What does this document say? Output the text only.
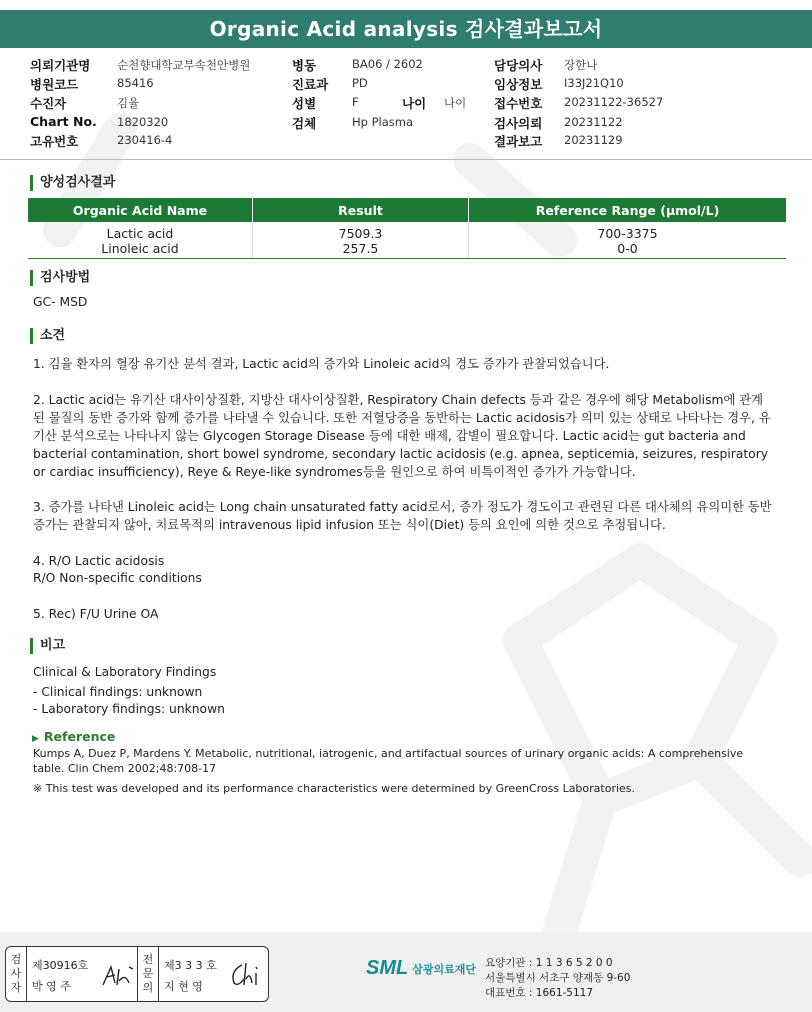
Organic Acid analysis 검사결과보고서
의뢰기관명 순천향대학교부속천안병원
병원코드	85416
수진자	김율
Chart No. 1820320
고유번호	230416-4
병동	BA06 / 2602
진료과 PD
성별	F	나이 나이
검체	Hp Plasma
담당의사 장한나
임상정보 I33J21Q10
접수번호 20231122-36527
검사의뢰 20231122
결과보고 20231129
양성검사결과
Organic Acid Name	Result	Reference Range (μmol/L)
Lactic acid	7509.3	700-3375
Linoleic acid	257.5	0-0
검사방법
GC- MSD
소견
1. 김율 환자의 혈장 유기산 분석 결과, Lactic acid의 증가와 Linoleic acid의 경도 증가가 관찰되었습니다.
2. Lactic acid는 유기산 대사이상질환, 지방산 대사이상질환, Respiratory Chain defects 등과 같은 경우에 해당 Metabolism에 관계된 물질의 동반 증가와 함께 증가를 나타낼 수 있습니다. 또한 저혈당증을 동반하는 Lactic acidosis가 의미 있는 상태로 나타나는 경우, 유기산 분석으로는 나타나지 않는 Glycogen Storage Disease 등에 대한 배제, 감별이 필요합니다. Lactic acid는 gut bacteria and bacterial contamination, short bowel syndrome, secondary lactic acidosis (e.g. apnea, septicemia, seizures, respiratory or cardiac insufficiency), Reye & Reye-like syndromes등을 원인으로 하여 비특이적인 증가가 가능합니다.
3. 증가를 나타낸 Linoleic acid는 Long chain unsaturated fatty acid로서, 증가 정도가 경도이고 관련된 다른 대사체의 유의미한 동반 증가는 관찰되지 않아, 치료목적의 intravenous lipid infusion 또는 식이(Diet) 등의 요인에 의한 것으로 추정됩니다.
4. R/O Lactic acidosis
R/O Non-specific conditions
5. Rec) F/U Urine OA
비고
Clinical & Laboratory Findings
- Clinical findings: unknown
- Laboratory findings: unknown
▶ Reference
Kumps A, Duez P, Mardens Y. Metabolic, nutritional, iatrogenic, and artifactual sources of urinary organic acids: A comprehensive table. Clin Chem 2002;48:708-17
※ This test was developed and its performance characteristics were determined by GreenCross Laboratories.
검
사
자
제30916호
박 영 주
전
문
의
제3 3 3 호
지 현 영
SML 삼광의료재단 요양기관 : 1 1 3 6 5 2 0 0
서울특별시 서초구 양재동 9-60
대표번호 : 1661-5117
